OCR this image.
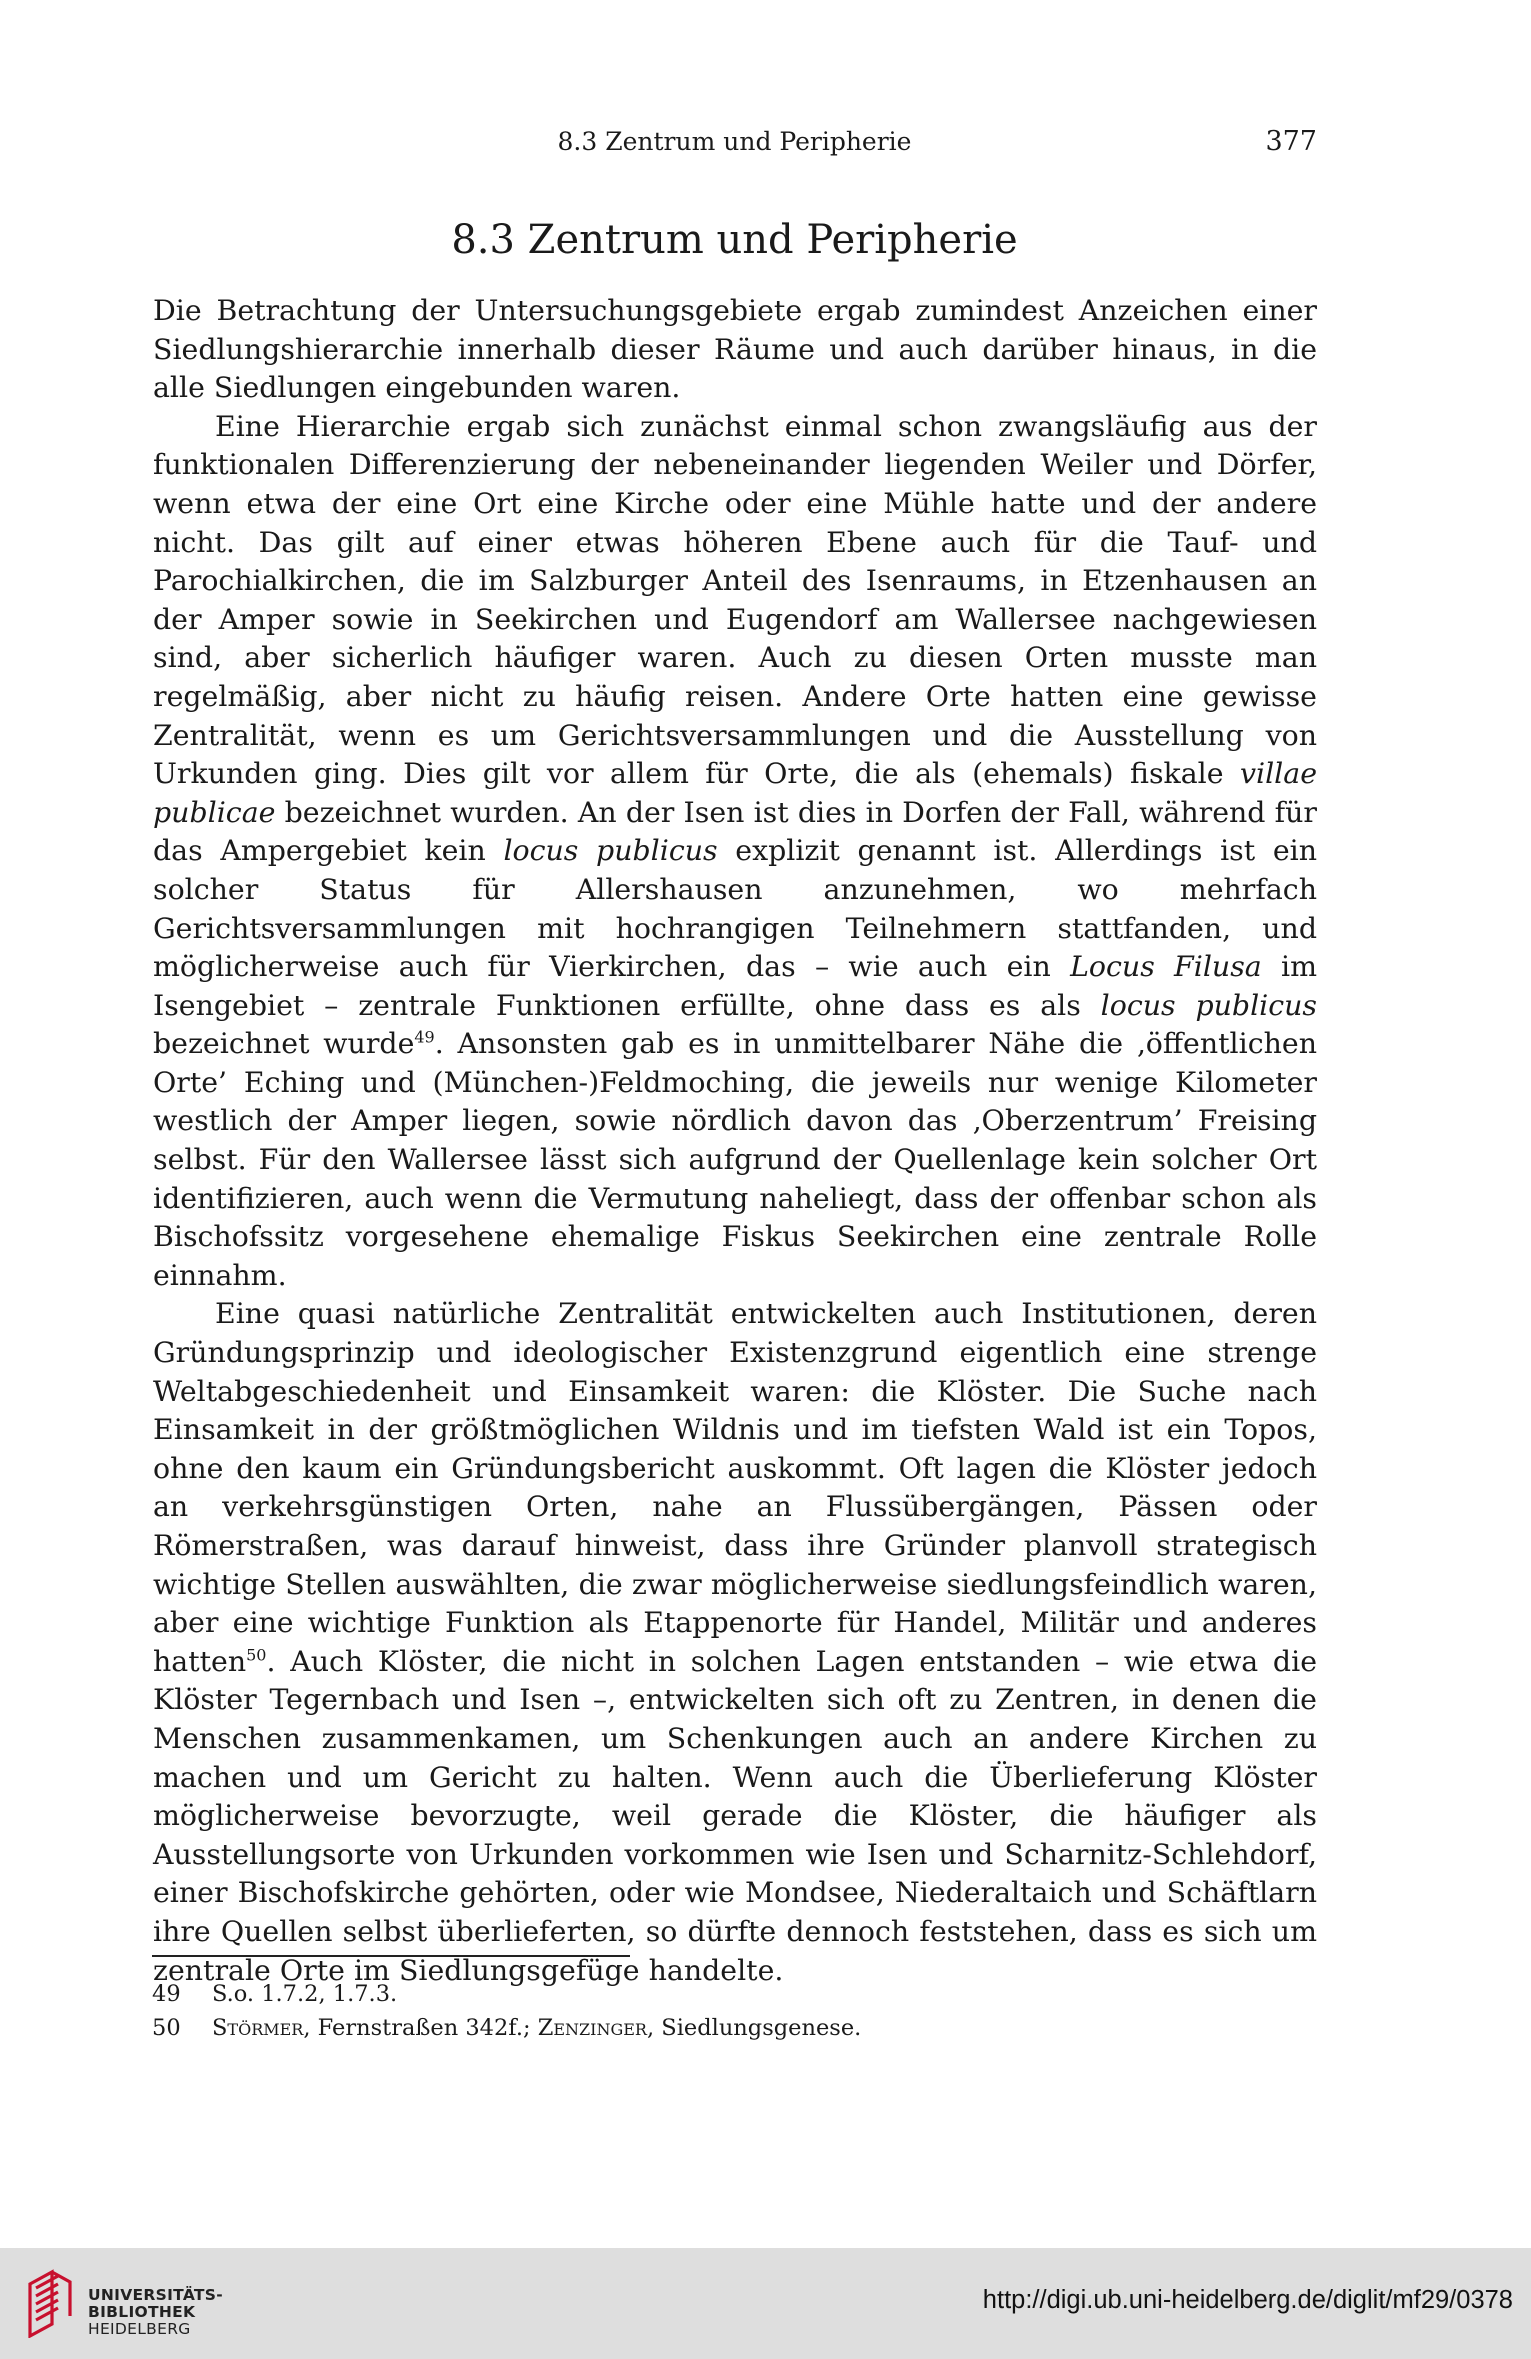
8.3 Zentrum und Peripherie	377
8.3 Zentrum und Peripherie

Die Betrachtung der Untersuchungsgebiete ergab zumindest Anzeichen einer Siedlungshierarchie innerhalb dieser Räume und auch darüber hinaus, in die alle Siedlungen eingebunden waren.

Eine Hierarchie ergab sich zunächst einmal schon zwangsläufig aus der funktionalen Differenzierung der nebeneinander liegenden Weiler und Dörfer, wenn etwa der eine Ort eine Kirche oder eine Mühle hatte und der andere nicht. Das gilt auf einer etwas höheren Ebene auch für die Tauf- und Parochialkirchen, die im Salzburger Anteil des Isenraums, in Etzenhausen an der Amper sowie in Seekirchen und Eugendorf am Wallersee nachgewiesen sind, aber sicherlich häufiger waren. Auch zu diesen Orten musste man regelmäßig, aber nicht zu häufig reisen. Andere Orte hatten eine gewisse Zentralität, wenn es um Gerichtsversammlungen und die Ausstellung von Urkunden ging. Dies gilt vor allem für Orte, die als (ehemals) fiskale villae publicae bezeichnet wurden. An der Isen ist dies in Dorfen der Fall, während für das Ampergebiet kein locus publicus explizit genannt ist. Allerdings ist ein solcher Status für Allershausen anzunehmen, wo mehrfach Gerichtsversammlungen mit hochrangigen Teilnehmern stattfanden, und möglicherweise auch für Vierkirchen, das – wie auch ein Locus Filusa im Isengebiet – zentrale Funktionen erfüllte, ohne dass es als locus publicus bezeichnet wurde$^{49}$. Ansonsten gab es in unmittelbarer Nähe die ‚öffentlichen Orte’ Eching und (München-)Feldmoching, die jeweils nur wenige Kilometer westlich der Amper liegen, sowie nördlich davon das ‚Oberzentrum’ Freising selbst. Für den Wallersee lässt sich aufgrund der Quellenlage kein solcher Ort identifizieren, auch wenn die Vermutung naheliegt, dass der offenbar schon als Bischofssitz vorgesehene ehemalige Fiskus Seekirchen eine zentrale Rolle einnahm.

Eine quasi natürliche Zentralität entwickelten auch Institutionen, deren Gründungsprinzip und ideologischer Existenzgrund eigentlich eine strenge Weltabgeschiedenheit und Einsamkeit waren: die Klöster. Die Suche nach Einsamkeit in der größtmöglichen Wildnis und im tiefsten Wald ist ein Topos, ohne den kaum ein Gründungsbericht auskommt. Oft lagen die Klöster jedoch an verkehrsgünstigen Orten, nahe an Flussübergängen, Pässen oder Römerstraßen, was darauf hinweist, dass ihre Gründer planvoll strategisch wichtige Stellen auswählten, die zwar möglicherweise siedlungsfeindlich waren, aber eine wichtige Funktion als Etappenorte für Handel, Militär und anderes hatten$^{50}$. Auch Klöster, die nicht in solchen Lagen entstanden – wie etwa die Klöster Tegernbach und Isen –, entwickelten sich oft zu Zentren, in denen die Menschen zusammenkamen, um Schenkungen auch an andere Kirchen zu machen und um Gericht zu halten. Wenn auch die Überlieferung Klöster möglicherweise bevorzugte, weil gerade die Klöster, die häufiger als Ausstellungsorte von Urkunden vorkommen wie Isen und Scharnitz-Schlehdorf, einer Bischofskirche gehörten, oder wie Mondsee, Niederaltaich und Schäftlarn ihre Quellen selbst überlieferten, so dürfte dennoch feststehen, dass es sich um zentrale Orte im Siedlungsgefüge handelte.

49 S.o. 1.7.2, 1.7.3.
50 Störmer, Fernstraßen 342f.; Zenzinger, Siedlungsgenese.
UNIVERSITÄTS-
BIBLIOTHEK
HEIDELBERG
http://digi.ub.uni-heidelberg.de/diglit/mf29/0378
